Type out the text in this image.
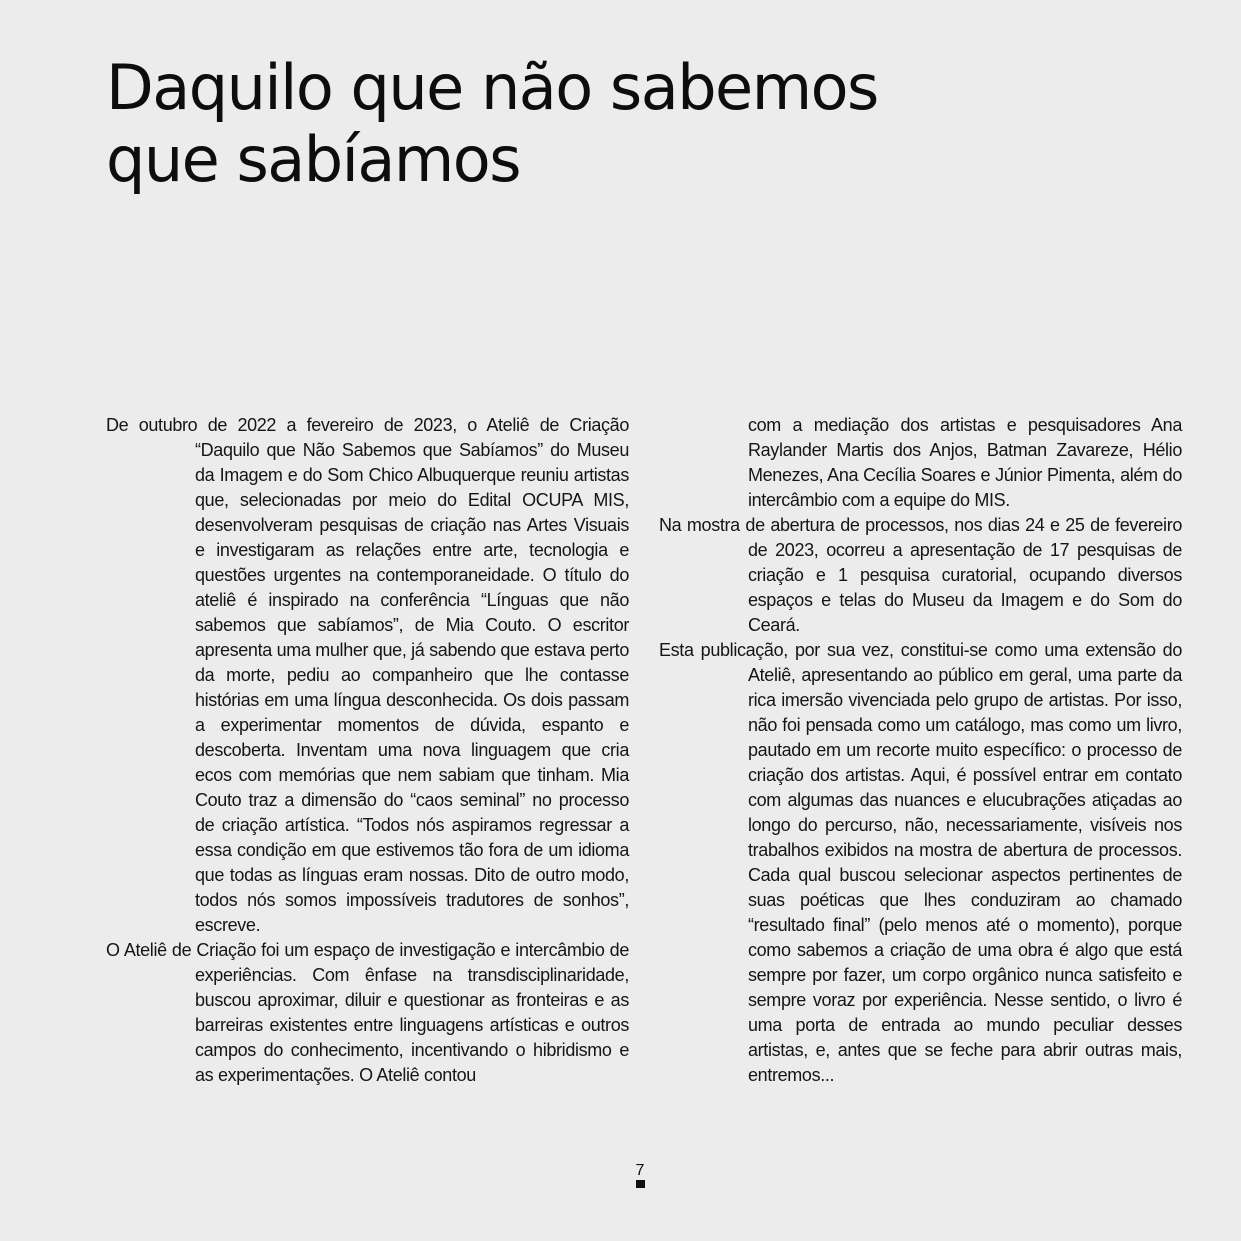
Daquilo que não sabemos
que sabíamos

De outubro de 2022 a fevereiro de 2023, o Ateliê de Criação “Daquilo que Não Sabemos que Sabíamos” do Museu da Imagem e do Som Chico Albuquerque reuniu artistas que, selecionadas por meio do Edital OCUPA MIS, desenvolveram pesquisas de criação nas Artes Visuais e investigaram as relações entre arte, tecnologia e questões urgentes na contemporaneidade. O título do ateliê é inspirado na conferência “Línguas que não sabemos que sabíamos”, de Mia Couto. O escritor apresenta uma mulher que, já sabendo que estava perto da morte, pediu ao companheiro que lhe contasse histórias em uma língua desconhecida. Os dois passam a experimentar momentos de dúvida, espanto e descoberta. Inventam uma nova linguagem que cria ecos com memórias que nem sabiam que tinham. Mia Couto traz a dimensão do “caos seminal” no processo de criação artística. “Todos nós aspiramos regressar a essa condição em que estivemos tão fora de um idioma que todas as línguas eram nossas. Dito de outro modo, todos nós somos impossíveis tradutores de sonhos”, escreve.

O Ateliê de Criação foi um espaço de investigação e intercâmbio de experiências. Com ênfase na transdisciplinaridade, buscou aproximar, diluir e questionar as fronteiras e as barreiras existentes entre linguagens artísticas e outros campos do conhecimento, incentivando o hibridismo e as experimentações. O Ateliê contou

com a mediação dos artistas e pesquisadores Ana Raylander Martis dos Anjos, Batman Zavareze, Hélio Menezes, Ana Cecília Soares e Júnior Pimenta, além do intercâmbio com a equipe do MIS.

Na mostra de abertura de processos, nos dias 24 e 25 de fevereiro de 2023, ocorreu a apresentação de 17 pesquisas de criação e 1 pesquisa curatorial, ocupando diversos espaços e telas do Museu da Imagem e do Som do Ceará.

Esta publicação, por sua vez, constitui-se como uma extensão do Ateliê, apresentando ao público em geral, uma parte da rica imersão vivenciada pelo grupo de artistas. Por isso, não foi pensada como um catálogo, mas como um livro, pautado em um recorte muito específico: o processo de criação dos artistas. Aqui, é possível entrar em contato com algumas das nuances e elucubrações atiçadas ao longo do percurso, não, necessariamente, visíveis nos trabalhos exibidos na mostra de abertura de processos. Cada qual buscou selecionar aspectos pertinentes de suas poéticas que lhes conduziram ao chamado “resultado final” (pelo menos até o momento), porque como sabemos a criação de uma obra é algo que está sempre por fazer, um corpo orgânico nunca satisfeito e sempre voraz por experiência. Nesse sentido, o livro é uma porta de entrada ao mundo peculiar desses artistas, e, antes que se feche para abrir outras mais, entremos...

7
